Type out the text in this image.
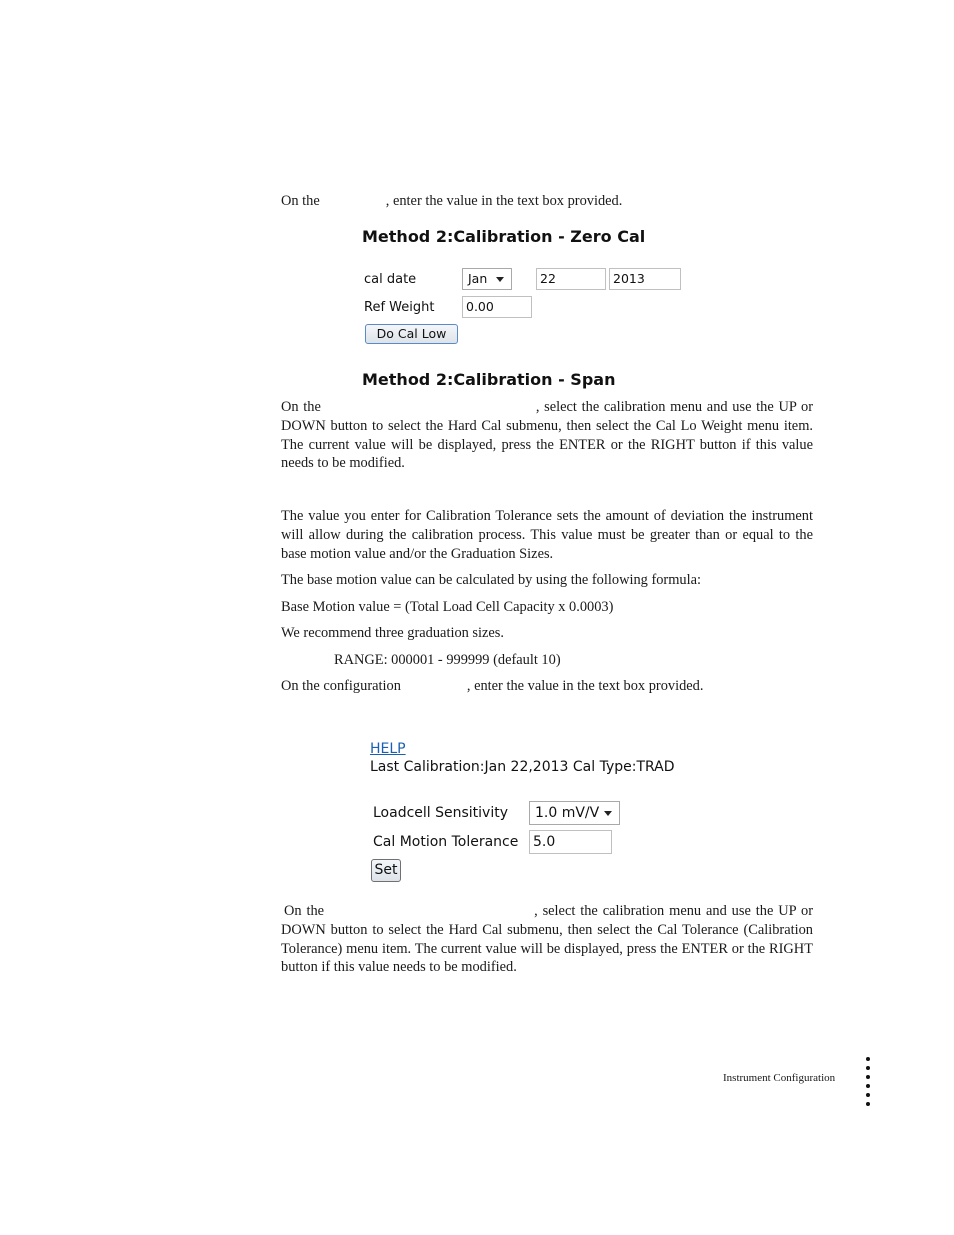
On the	, enter the value in the text box provided.
Method 2:Calibration - Zero Cal
cal date	Jan	22	2013
Ref Weight	0.00
Do Cal Low
Method 2:Calibration - Span
On the	, select the calibration menu and use the UP or DOWN button to select the Hard Cal submenu, then select the Cal Lo Weight menu item. The current value will be displayed, press the ENTER or the RIGHT button if this value needs to be modified.
The value you enter for Calibration Tolerance sets the amount of deviation the instrument will allow during the calibration process. This value must be greater than or equal to the base motion value and/or the Graduation Sizes.
The base motion value can be calculated by using the following formula:
Base Motion value = (Total Load Cell Capacity x 0.0003)
We recommend three graduation sizes.
RANGE: 000001 - 999999 (default 10)
On the configuration	, enter the value in the text box provided.
HELP
Last Calibration:Jan 22,2013 Cal Type:TRAD
Loadcell Sensitivity	1.0 mV/V
Cal Motion Tolerance 5.0
Set
On the	, select the calibration menu and use the UP or DOWN button to select the Hard Cal submenu, then select the Cal Tolerance (Calibration Tolerance) menu item. The current value will be displayed, press the ENTER or the RIGHT button if this value needs to be modified.
Instrument Configuration
